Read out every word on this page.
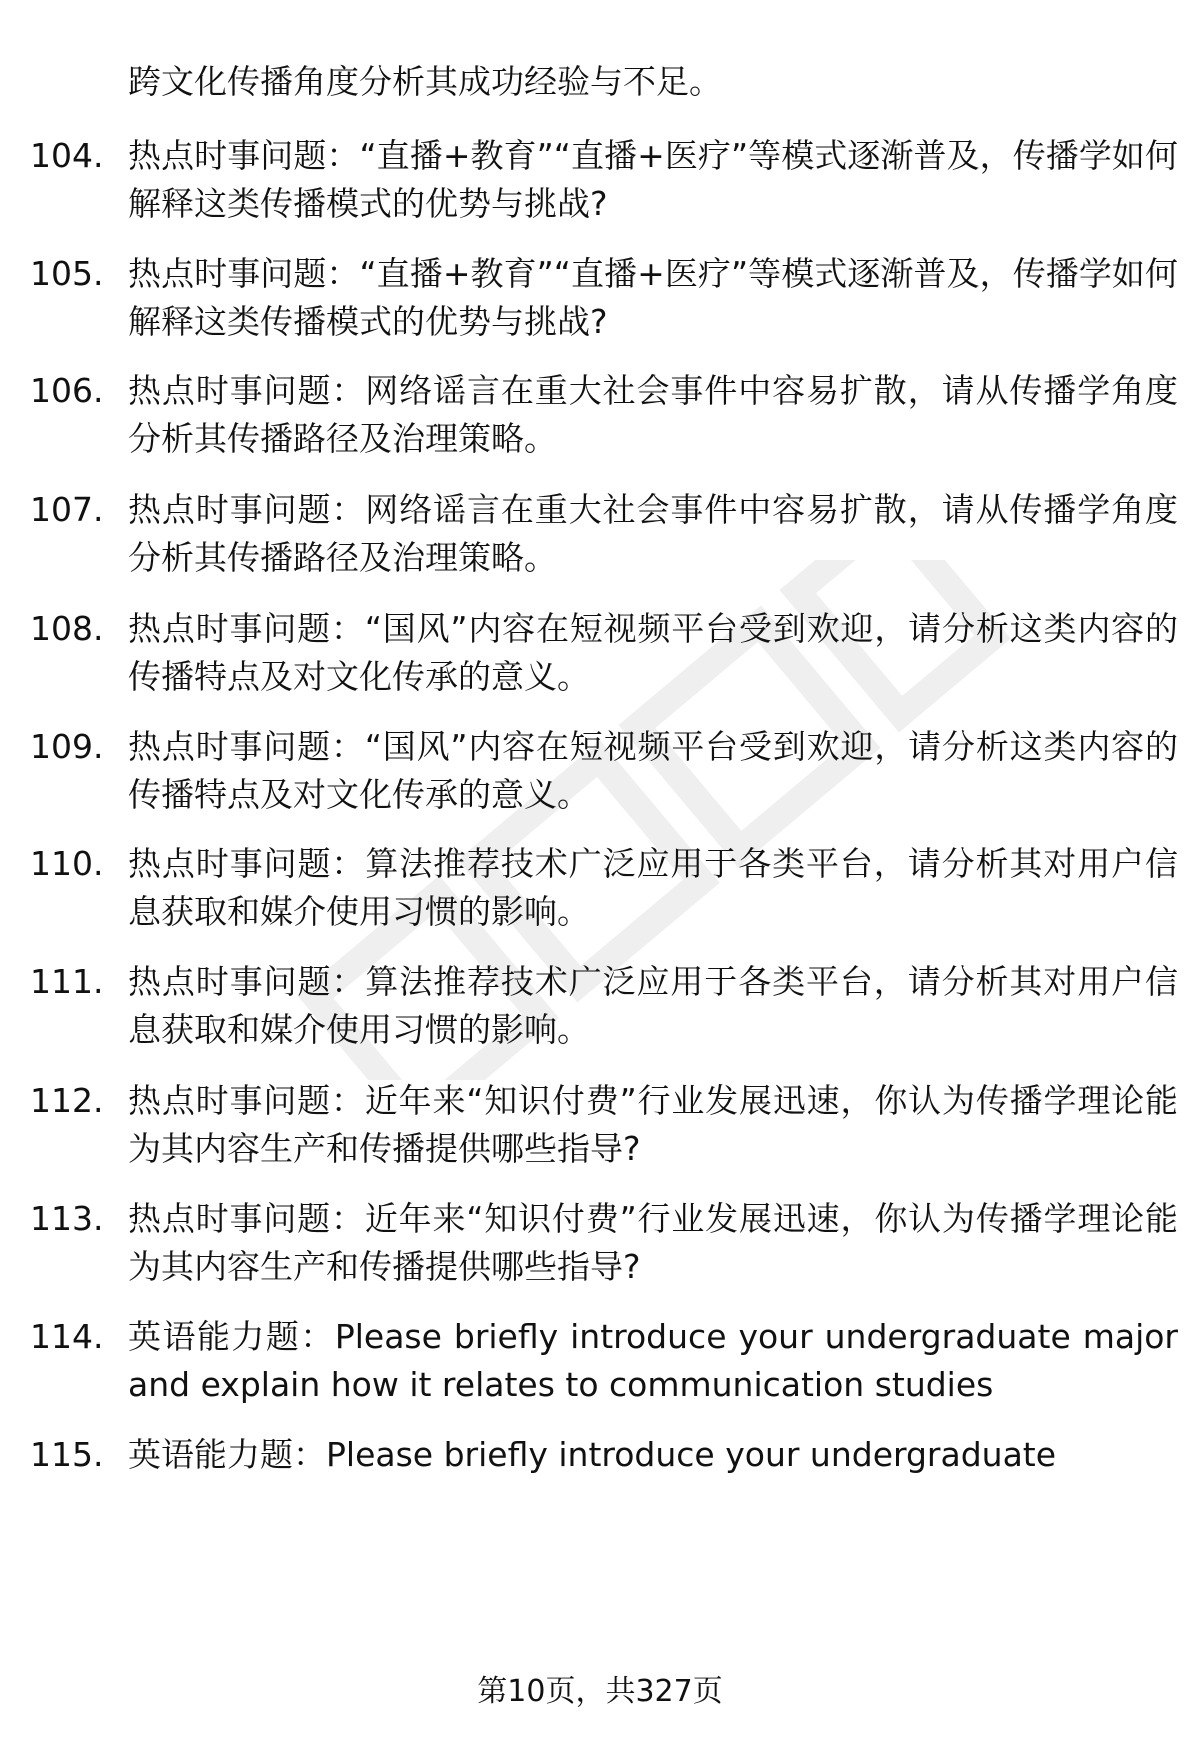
跨文化传播角度分析其成功经验与不足。
104. 热点时事问题：“直播+教育”“直播+医疗”等模式逐渐普及，传播学如何解释这类传播模式的优势与挑战?
105. 热点时事问题：“直播+教育”“直播+医疗”等模式逐渐普及，传播学如何解释这类传播模式的优势与挑战?
106. 热点时事问题：网络谣言在重大社会事件中容易扩散，请从传播学角度分析其传播路径及治理策略。
107. 热点时事问题：网络谣言在重大社会事件中容易扩散，请从传播学角度分析其传播路径及治理策略。
108. 热点时事问题：“国风”内容在短视频平台受到欢迎，请分析这类内容的传播特点及对文化传承的意义。
109. 热点时事问题：“国风”内容在短视频平台受到欢迎，请分析这类内容的传播特点及对文化传承的意义。
110. 热点时事问题：算法推荐技术广泛应用于各类平台，请分析其对用户信息获取和媒介使用习惯的影响。
111. 热点时事问题：算法推荐技术广泛应用于各类平台，请分析其对用户信息获取和媒介使用习惯的影响。
112. 热点时事问题：近年来“知识付费”行业发展迅速，你认为传播学理论能为其内容生产和传播提供哪些指导?
113. 热点时事问题：近年来“知识付费”行业发展迅速，你认为传播学理论能为其内容生产和传播提供哪些指导?
114. 英语能力题：Please briefly introduce your undergraduate major and explain how it relates to communication studies
115. 英语能力题：Please briefly introduce your undergraduate
第10页，共327页
